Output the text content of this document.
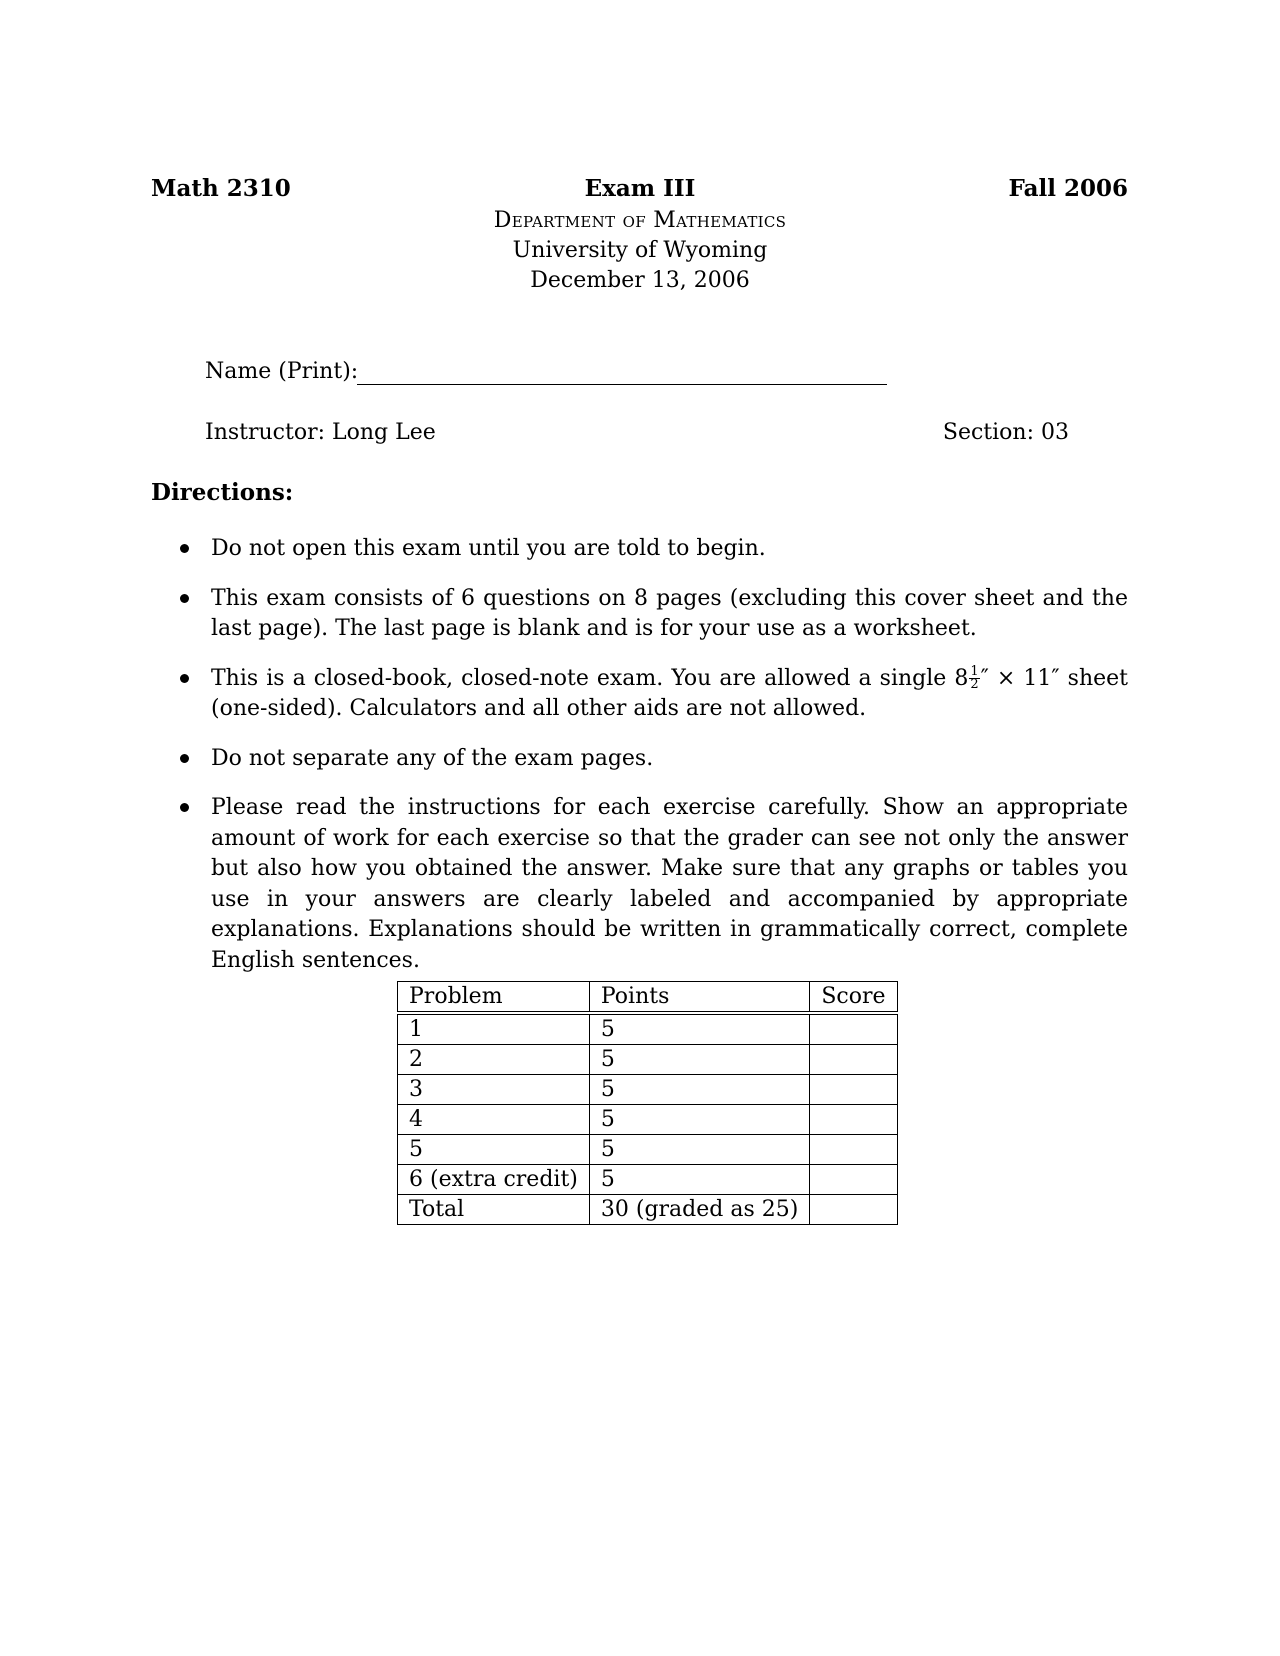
Math 2310	Exam III	Fall 2006
Department of Mathematics
University of Wyoming
December 13, 2006
Name (Print):
Instructor: Long Lee	Section: 03
Directions:
Do not open this exam until you are told to begin.
This exam consists of 6 questions on 8 pages (excluding this cover sheet and the last page). The last page is blank and is for your use as a worksheet.
This is a closed-book, closed-note exam. You are allowed a single $8 \frac{1}{2}$ ″ × 11″ sheet (one-sided). Calculators and all other aids are not allowed.
Do not separate any of the exam pages.
Please read the instructions for each exercise carefully. Show an appropriate amount of work for each exercise so that the grader can see not only the answer but also how you obtained the answer. Make sure that any graphs or tables you use in your answers are clearly labeled and accompanied by appropriate explanations. Explanations should be written in grammatically correct, complete English sentences.
Problem	Points	Score
1	5	
2	5	
3	5	
4	5	
5	5	
6 (extra credit)	5	
Total	30 (graded as 25)	
